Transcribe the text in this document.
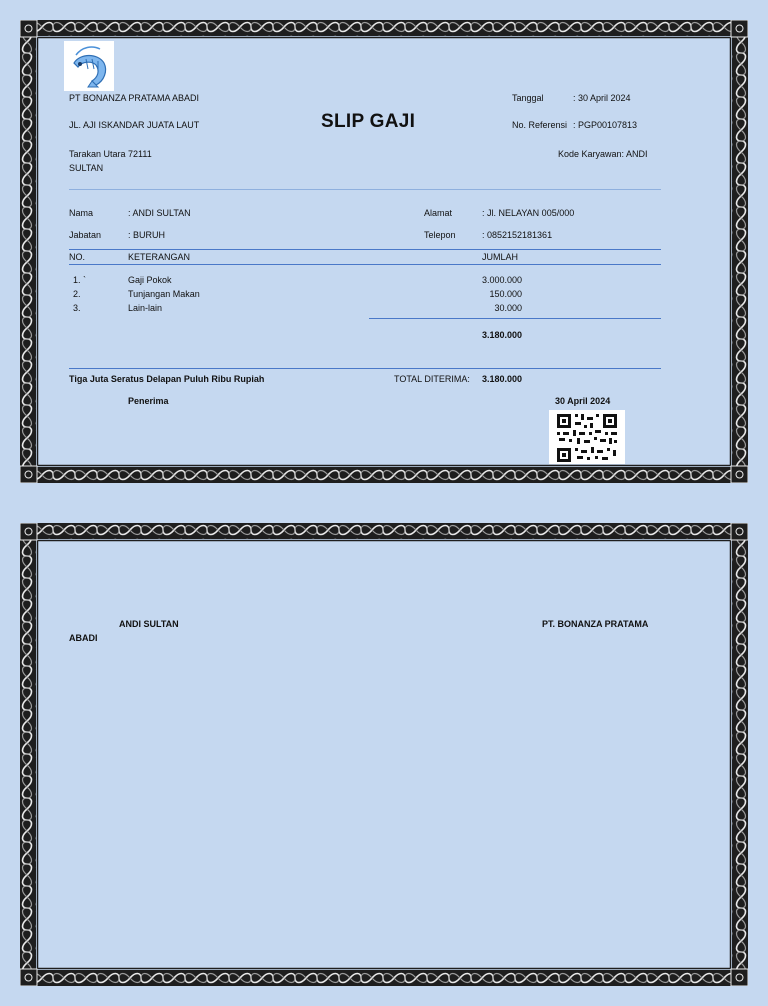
PT BONANZA PRATAMA ABADI
JL. AJI ISKANDAR JUATA LAUT
Tarakan Utara 72111
SULTAN
SLIP GAJI
Tanggal	: 30 April 2024
No. Referensi : PGP00107813
Kode Karyawan: ANDI
Nama	: ANDI SULTAN	Alamat	: Jl. NELAYAN 005/000
Jabatan	: BURUH	Telepon	: 0852152181361
NO.	KETERANGAN	JUMLAH
1. `	Gaji Pokok	3.000.000
2.	Tunjangan Makan	150.000
3.	Lain-lain	30.000
3.180.000
Tiga Juta Seratus Delapan Puluh Ribu Rupiah	TOTAL DITERIMA: 3.180.000
Penerima	30 April 2024
ANDI SULTAN	PT. BONANZA PRATAMA
ABADI
